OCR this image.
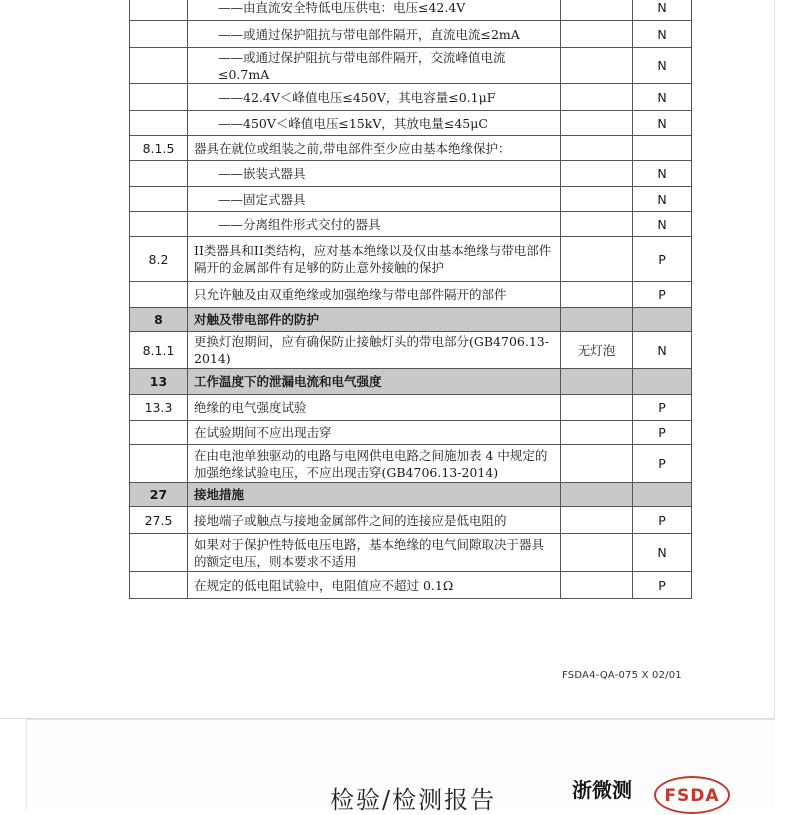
	——由直流安全特低电压供电：电压≤42.4V		N
	——或通过保护阻抗与带电部件隔开，直流电流≤2mA		N
	——或通过保护阻抗与带电部件隔开，交流峰值电流≤0.7mA		N
	——42.4V＜峰值电压≤450V，其电容量≤0.1μF		N
	——450V＜峰值电压≤15kV，其放电量≤45μC		N
8.1.5	器具在就位或组装之前,带电部件至少应由基本绝缘保护：		
	——嵌装式器具		N
	——固定式器具		N
	——分离组件形式交付的器具		N
8.2	II类器具和II类结构，应对基本绝缘以及仅由基本绝缘与带电部件隔开的金属部件有足够的防止意外接触的保护		P
	只允许触及由双重绝缘或加强绝缘与带电部件隔开的部件		P
8	对触及带电部件的防护		
8.1.1	更换灯泡期间，应有确保防止接触灯头的带电部分(GB4706.13-2014)	无灯泡	N
13	工作温度下的泄漏电流和电气强度		
13.3	绝缘的电气强度试验		P
	在试验期间不应出现击穿		P
	在由电池单独驱动的电路与电网供电电路之间施加表 4 中规定的加强绝缘试验电压，不应出现击穿(GB4706.13-2014)		P
27	接地措施		
27.5	接地端子或触点与接地金属部件之间的连接应是低电阻的		P
	如果对于保护性特低电压电路，基本绝缘的电气间隙取决于器具的额定电压，则本要求不适用		N
	在规定的低电阻试验中，电阻值应不超过 0.1Ω		P
FSDA4-QA-075 X 02/01
检验/检测报告	浙微测 FSDA
